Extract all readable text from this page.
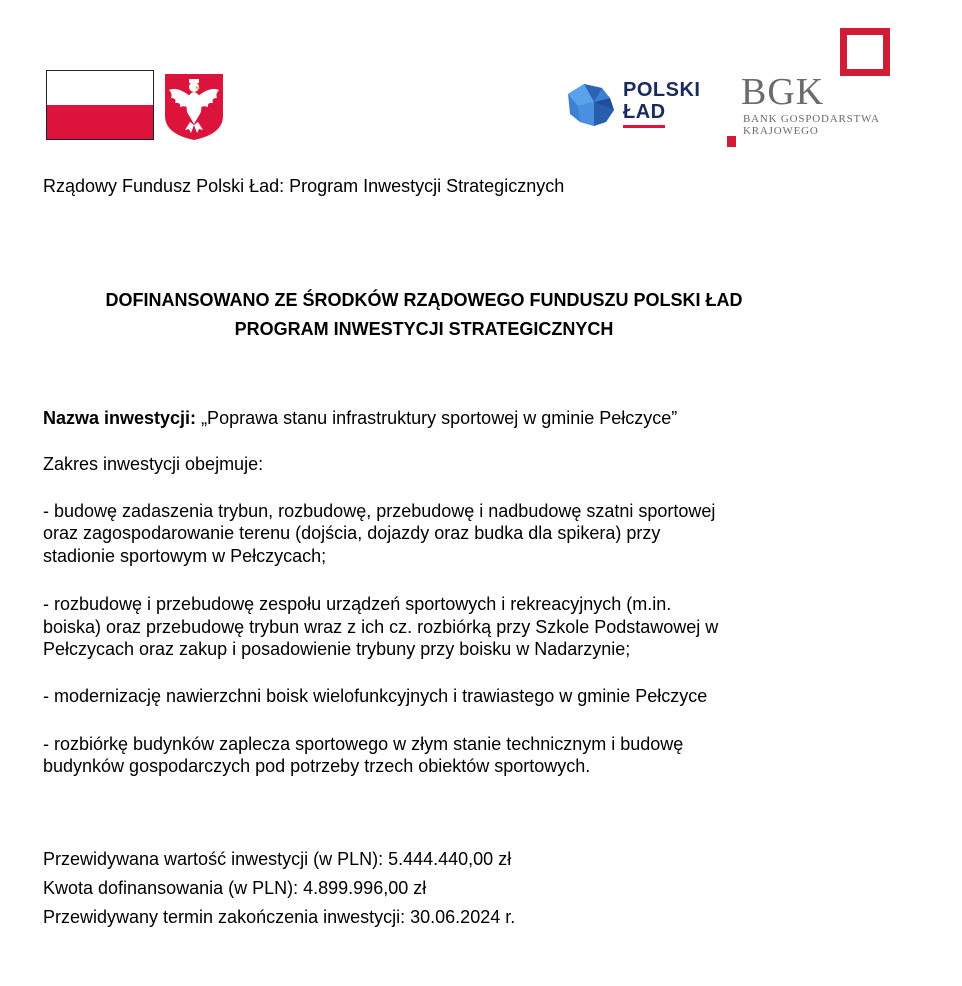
POLSKI
ŁAD BGK
BANK GOSPODARSTWA
KRAJOWEGO
Rządowy Fundusz Polski Ład: Program Inwestycji Strategicznych
DOFINANSOWANO ZE ŚRODKÓW RZĄDOWEGO FUNDUSZU POLSKI ŁAD
PROGRAM INWESTYCJI STRATEGICZNYCH
Nazwa inwestycji: „Poprawa stanu infrastruktury sportowej w gminie Pełczyce”
Zakres inwestycji obejmuje:
- budowę zadaszenia trybun, rozbudowę, przebudowę i nadbudowę szatni sportowej
oraz zagospodarowanie terenu (dojścia, dojazdy oraz budka dla spikera) przy
stadionie sportowym w Pełczycach;
- rozbudowę i przebudowę zespołu urządzeń sportowych i rekreacyjnych (m.in.
boiska) oraz przebudowę trybun wraz z ich cz. rozbiórką przy Szkole Podstawowej w
Pełczycach oraz zakup i posadowienie trybuny przy boisku w Nadarzynie;
- modernizację nawierzchni boisk wielofunkcyjnych i trawiastego w gminie Pełczyce
- rozbiórkę budynków zaplecza sportowego w złym stanie technicznym i budowę
budynków gospodarczych pod potrzeby trzech obiektów sportowych.
Przewidywana wartość inwestycji (w PLN): 5.444.440,00 zł
Kwota dofinansowania (w PLN): 4.899.996,00 zł
Przewidywany termin zakończenia inwestycji: 30.06.2024 r.
